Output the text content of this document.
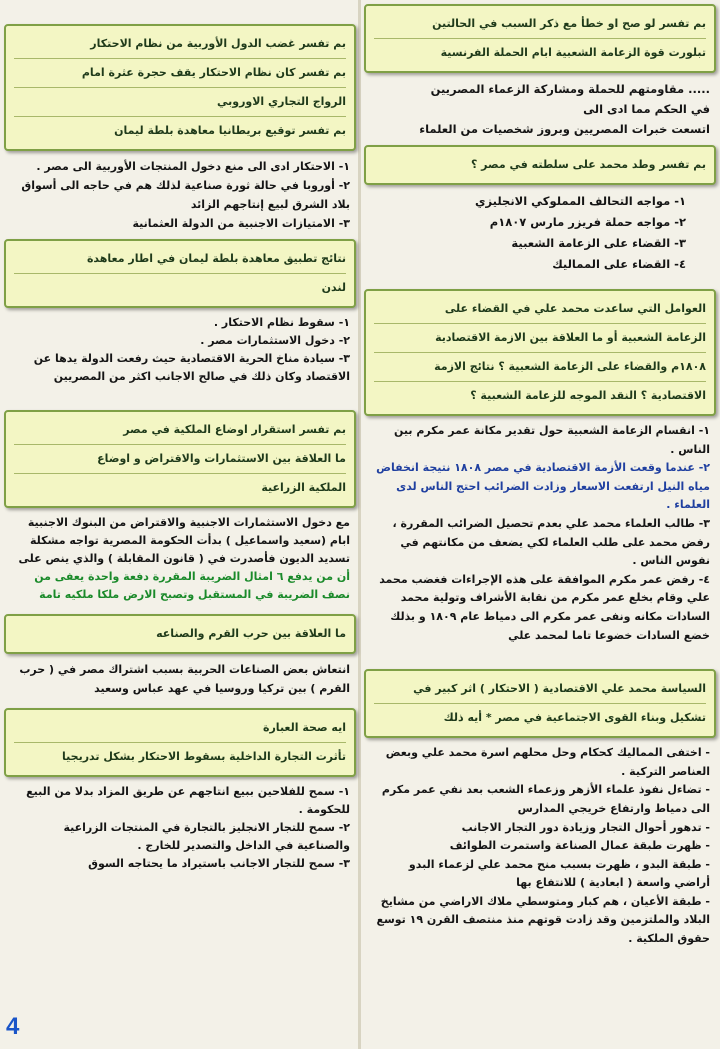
بم تفسر لو صح او خطأ مع ذكر السبب في الحالتين
تبلورت قوة الزعامة الشعبية ابام الحملة الفرنسية

..... مقاومتهم للحملة ومشاركة الزعماء المصريين

في الحكم مما ادى الى

اتسعت خبرات المصريين وبروز شخصيات من العلماء

بم تفسر وطد محمد على سلطته في مصر ؟

١- مواجه التحالف المملوكي الانجليزي

٢- مواجه حملة فريزر مارس ١٨٠٧م

٣- القضاء على الزعامة الشعبية

٤- القضاء على المماليك

العوامل التي ساعدت محمد علي في القضاء على
الزعامة الشعبية أو ما العلاقة بين الازمة الاقتصادية
١٨٠٨م والقضاء على الزعامة الشعبية ؟ نتائج الازمة
الاقتصادية ؟ النقد الموجه للزعامة الشعبية ؟

١- انقسام الزعامة الشعبية حول تقدير مكانة عمر مكرم بين الناس .

٢- عندما وقعت الأزمة الاقتصادية في مصر ١٨٠٨ نتيجة انخفاض مياه النيل ارتفعت الاسعار وزادت الضرائب احتج الناس لدى العلماء .

٣- طالب العلماء محمد علي بعدم تحصيل الضرائب المقررة ، رفض محمد على طلب العلماء لكي يضعف من مكانتهم في نفوس الناس .

٤- رفض عمر مكرم الموافقة على هذه الإجراءات فغضب محمد علي وقام بخلع عمر مكرم من نقابة الأشراف وتولية محمد السادات مكانه ونفى عمر مكرم الى دمياط عام ١٨٠٩ و بذلك خضع السادات خضوعا تاما لمحمد علي

السياسة محمد علي الاقتصادية ( الاحتكار ) اثر كبير في
تشكيل وبناء القوى الاجتماعية في مصر * أيه ذلك

- اختفى المماليك كحكام وحل محلهم اسرة محمد علي وبعض العناصر التركية .

- تضاءل نفوذ علماء الأزهر وزعماء الشعب بعد نفي عمر مكرم الى دمياط وارتفاع خريجي المدارس

- تدهور أحوال التجار وزيادة دور التجار الاجانب

- ظهرت طبقة عمال الصناعة واستمرت الطوائف

- طبقة البدو ، ظهرت بسبب منح محمد علي لزعماء البدو أراضي واسعة ( ابعادية ) للانتفاع بها

- طبقة الأعيان ، هم كبار ومتوسطي ملاك الاراضي من مشايخ البلاد والملتزمين وقد زادت قوتهم منذ منتصف القرن ١٩ توسع حقوق الملكية .

بم تفسر غضب الدول الأوربية من نظام الاحتكار
بم تفسر كان نظام الاحتكار يقف حجرة عثرة امام
الرواج التجاري الاوروبي
بم تفسر توقيع بريطانيا معاهدة بلطة ليمان

١- الاحتكار ادى الى منع دخول المنتجات الأوربية الى مصر .

٢- أوروبا في حالة ثورة صناعية لذلك هم في حاجه الى أسواق بلاد الشرق لبيع إنتاجهم الزائد

٣- الامتيازات الاجنبية من الدولة العثمانية

نتائج تطبيق معاهدة بلطة ليمان في اطار معاهدة
لندن

١- سقوط نظام الاحتكار .

٢- دخول الاستثمارات مصر .

٣- سيادة مناخ الحرية الاقتصادية حيث رفعت الدولة يدها عن الاقتصاد وكان ذلك في صالح الاجانب اكثر من المصريين

بم تفسر استقرار اوضاع الملكية في مصر
ما العلاقة بين الاستثمارات والاقتراض و اوضاع
الملكية الزراعية

مع دخول الاستثمارات الاجنبية والاقتراض من البنوك الاجنبية ابام (سعيد واسماعيل ) بدأت الحكومة المصرية تواجه مشكلة تسديد الديون فأصدرت في ( قانون المقابلة ) والذي ينص على

أن من يدفع ٦ امثال الضريبة المقررة دفعة واحدة يعفى من نصف الضريبة في المستقبل وتصبح الارض ملكا ملكيه تامة

ما العلاقة بين حرب القرم والصناعه

انتعاش بعض الصناعات الحربية بسبب اشتراك مصر في ( حرب القرم ) بين تركيا وروسيا في عهد عباس وسعيد

ايه صحة العبارة
تأثرت التجارة الداخلية بسقوط الاحتكار بشكل تدريجيا

١- سمح للفلاحين ببيع انتاجهم عن طريق المزاد بدلا من البيع للحكومة .

٢- سمح للتجار الانجليز بالتجارة في المنتجات الزراعية والصناعية في الداخل والتصدير للخارج .

٣- سمح للتجار الاجانب باستيراد ما يحتاجه السوق

4
